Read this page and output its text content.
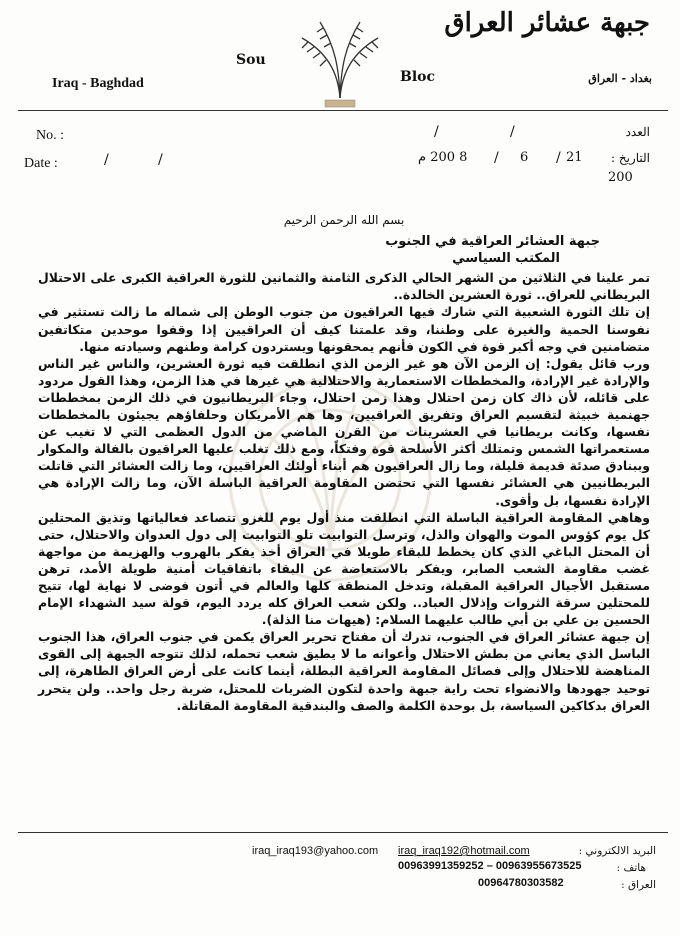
جبهة عشائر العراق
Sou
Bloc
Iraq - Baghdad	بغداد - العراق
No. :	/	/	العدد
Date :	/	/	8 200 م / 6 / 21 التاريخ :
200

بسم الله الرحمن الرحيم

جبهة العشائر العراقية في الجنوب

المكتب السياسي

تمر علينا في الثلاثين من الشهر الحالي الذكرى الثامنة والثمانين للثورة العراقية الكبرى على الاحتلال البريطاني للعراق.. ثورة العشرين الخالدة..

إن تلك الثورة الشعبية التي شارك فيها العراقيون من جنوب الوطن إلى شماله ما زالت تستثير في نفوسنا الحمية والغيرة على وطننا، وقد علمتنا كيف أن العراقيين إذا وقفوا موحدين متكاتفين متضامنين في وجه أكبر قوة في الكون فأنهم يمحقونها ويستردون كرامة وطنهم وسيادته منها.

ورب قائل يقول: إن الزمن الآن هو غير الزمن الذي انطلقت فيه ثورة العشرين، والناس غير الناس والإرادة غير الإرادة، والمخططات الاستعمارية والاحتلالية هي غيرها في هذا الزمن، وهذا القول مردود على قائله، لأن ذاك كان زمن احتلال وهذا زمن احتلال، وجاء البريطانيون في ذلك الزمن بمخططات جهنمية خبيثة لتقسيم العراق وتفريق العراقيين، وها هم الأمريكان وحلفاؤهم يجيئون بالمخططات نفسها، وكانت بريطانيا في العشرينات من القرن الماضي من الدول العظمى التي لا تغيب عن مستعمراتها الشمس وتمتلك أكثر الأسلحة قوة وفتكاً، ومع ذلك تغلب عليها العراقيون بالفالة والمكوار وببنادق صدئة قديمة قليلة، وما زال العراقيون هم أبناء أولئك العراقيين، وما زالت العشائر التي قاتلت البريطانيين هي العشائر نفسها التي تحتضن المقاومة العراقية الباسلة الآن، وما زالت الإرادة هي الإرادة نفسها، بل وأقوى.

وهاهي المقاومة العراقية الباسلة التي انطلقت منذ أول يوم للغزو تتصاعد فعالياتها وتذيق المحتلين كل يوم كؤوس الموت والهوان والذل، وترسل التوابيت تلو التوابيت إلى دول العدوان والاحتلال، حتى أن المحتل الباغي الذي كان يخطط للبقاء طويلا في العراق أخذ يفكر بالهروب والهزيمة من مواجهة غضب مقاومة الشعب الصابر، ويفكر بالاستعاضة عن البقاء باتفاقيات أمنية طويلة الأمد، ترهن مستقبل الأجيال العراقية المقبلة، وتدخل المنطقة كلها والعالم في أتون فوضى لا نهاية لها، تتيح للمحتلين سرقة الثروات وإذلال العباد.. ولكن شعب العراق كله يردد اليوم، قولة سيد الشهداء الإمام الحسين بن علي بن أبي طالب عليهما السلام: (هيهات منا الذلة).

إن جبهة عشائر العراق في الجنوب، تدرك أن مفتاح تحرير العراق يكمن في جنوب العراق، هذا الجنوب الباسل الذي يعاني من بطش الاحتلال وأعوانه ما لا يطيق شعب تحمله، لذلك تتوجه الجبهة إلى القوى المناهضة للاحتلال وإلى فصائل المقاومة العراقية البطلة، أينما كانت على أرض العراق الطاهرة، إلى توحيد جهودها والانضواء تحت راية جبهة واحدة لتكون الضربات للمحتل، ضربة رجل واحد.. ولن يتحرر العراق بدكاكين السياسة، بل بوحدة الكلمة والصف والبندقية المقاومة المقاتلة.

البريد الالكتروني :
iraq_iraq193@yahoo.com iraq_iraq192@hotmail.com
هاتف :
00963991359252 – 00963955673525
العراق :
00964780303582
